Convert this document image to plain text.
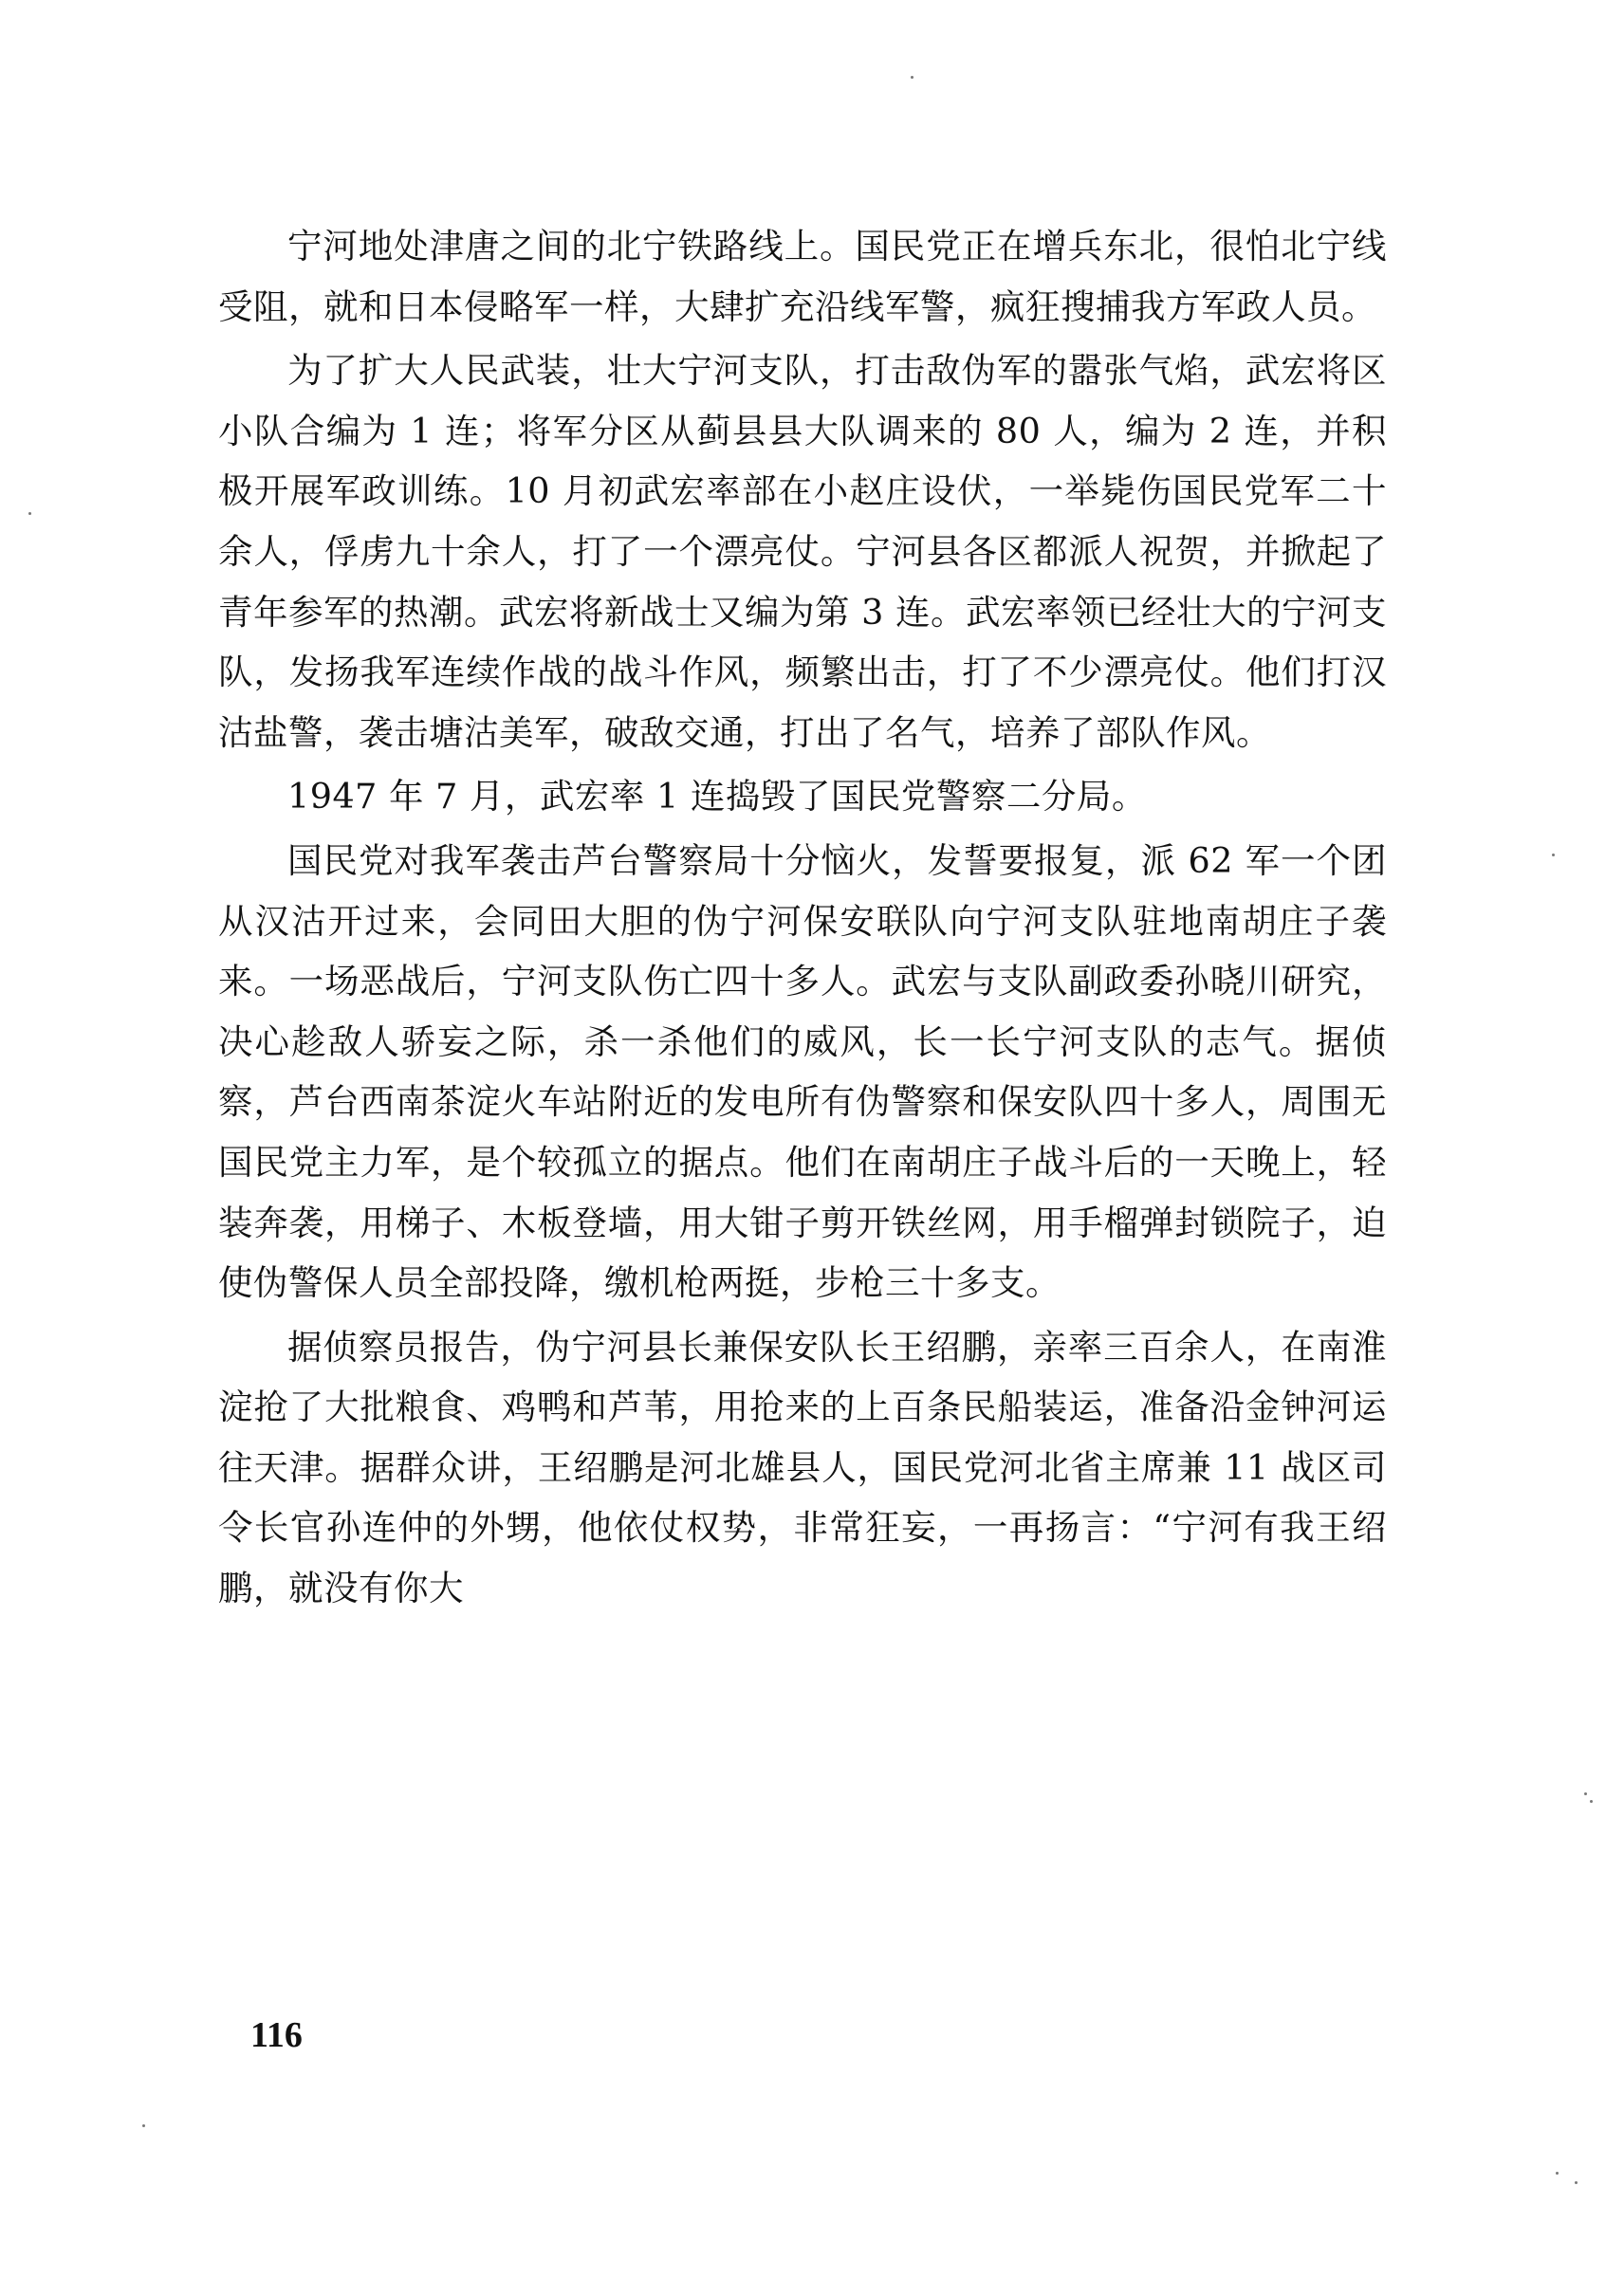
宁河地处津唐之间的北宁铁路线上。国民党正在增兵东北，很怕北宁线受阻，就和日本侵略军一样，大肆扩充沿线军警，疯狂搜捕我方军政人员。

为了扩大人民武装，壮大宁河支队，打击敌伪军的嚣张气焰，武宏将区小队合编为 1 连；将军分区从蓟县县大队调来的 80 人，编为 2 连，并积极开展军政训练。10 月初武宏率部在小赵庄设伏，一举毙伤国民党军二十余人，俘虏九十余人，打了一个漂亮仗。宁河县各区都派人祝贺，并掀起了青年参军的热潮。武宏将新战士又编为第 3 连。武宏率领已经壮大的宁河支队，发扬我军连续作战的战斗作风，频繁出击，打了不少漂亮仗。他们打汉沽盐警，袭击塘沽美军，破敌交通，打出了名气，培养了部队作风。

1947 年 7 月，武宏率 1 连捣毁了国民党警察二分局。

国民党对我军袭击芦台警察局十分恼火，发誓要报复，派 62 军一个团从汉沽开过来，会同田大胆的伪宁河保安联队向宁河支队驻地南胡庄子袭来。一场恶战后，宁河支队伤亡四十多人。武宏与支队副政委孙晓川研究，决心趁敌人骄妄之际，杀一杀他们的威风，长一长宁河支队的志气。据侦察，芦台西南茶淀火车站附近的发电所有伪警察和保安队四十多人，周围无国民党主力军，是个较孤立的据点。他们在南胡庄子战斗后的一天晚上，轻装奔袭，用梯子、木板登墙，用大钳子剪开铁丝网，用手榴弹封锁院子，迫使伪警保人员全部投降，缴机枪两挺，步枪三十多支。

据侦察员报告，伪宁河县长兼保安队长王绍鹏，亲率三百余人，在南淮淀抢了大批粮食、鸡鸭和芦苇，用抢来的上百条民船装运，准备沿金钟河运往天津。据群众讲，王绍鹏是河北雄县人，国民党河北省主席兼 11 战区司令长官孙连仲的外甥，他依仗权势，非常狂妄，一再扬言：“宁河有我王绍鹏，就没有你大

116
